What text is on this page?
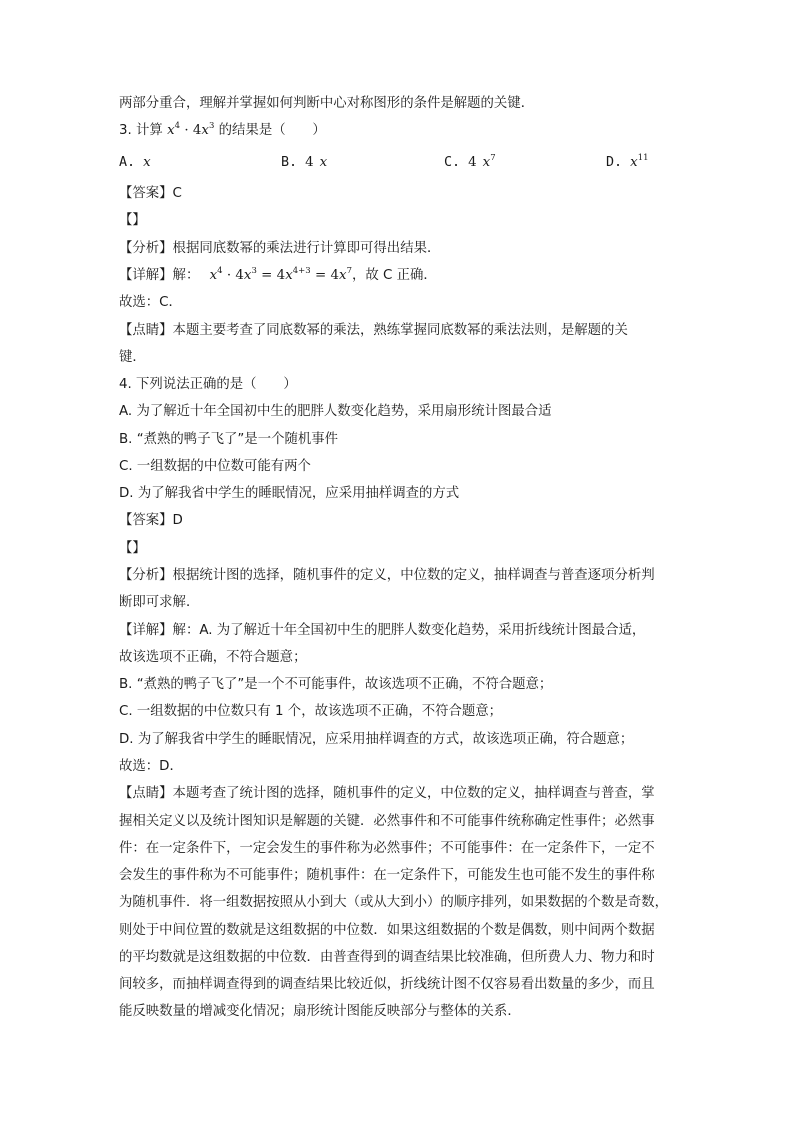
两部分重合，理解并掌握如何判断中心对称图形的条件是解题的关键．
3. 计算 $x^4 \cdot 4x^3$ 的结果是（　　）
A. x	B. 4 x	C. 4 $x^7$	D. $x^{11}$
【答案】C
【】
【分析】根据同底数幂的乘法进行计算即可得出结果．
【详解】解： $x^4 \cdot 4x^3 = 4x^{4+3} = 4x^7$，故 C 正确．
故选：C．
【点睛】本题主要考查了同底数幂的乘法，熟练掌握同底数幂的乘法法则，是解题的关
键．
4. 下列说法正确的是（　　）
A. 为了解近十年全国初中生的肥胖人数变化趋势，采用扇形统计图最合适
B. “煮熟的鸭子飞了”是一个随机事件
C. 一组数据的中位数可能有两个
D. 为了解我省中学生的睡眠情况，应采用抽样调查的方式
【答案】D
【】
【分析】根据统计图的选择，随机事件的定义，中位数的定义，抽样调查与普查逐项分析判
断即可求解．
【详解】解：A. 为了解近十年全国初中生的肥胖人数变化趋势，采用折线统计图最合适，
故该选项不正确，不符合题意；
B. “煮熟的鸭子飞了”是一个不可能事件，故该选项不正确，不符合题意；
C. 一组数据的中位数只有 1 个，故该选项不正确，不符合题意；
D. 为了解我省中学生的睡眠情况，应采用抽样调查的方式，故该选项正确，符合题意；
故选：D．
【点睛】本题考查了统计图的选择，随机事件的定义，中位数的定义，抽样调查与普查，掌
握相关定义以及统计图知识是解题的关键．必然事件和不可能事件统称确定性事件；必然事
件：在一定条件下，一定会发生的事件称为必然事件；不可能事件：在一定条件下，一定不
会发生的事件称为不可能事件；随机事件：在一定条件下，可能发生也可能不发生的事件称
为随机事件．将一组数据按照从小到大（或从大到小）的顺序排列，如果数据的个数是奇数，
则处于中间位置的数就是这组数据的中位数．如果这组数据的个数是偶数，则中间两个数据
的平均数就是这组数据的中位数．由普查得到的调查结果比较准确，但所费人力、物力和时
间较多，而抽样调查得到的调查结果比较近似，折线统计图不仅容易看出数量的多少，而且
能反映数量的增减变化情况；扇形统计图能反映部分与整体的关系．
